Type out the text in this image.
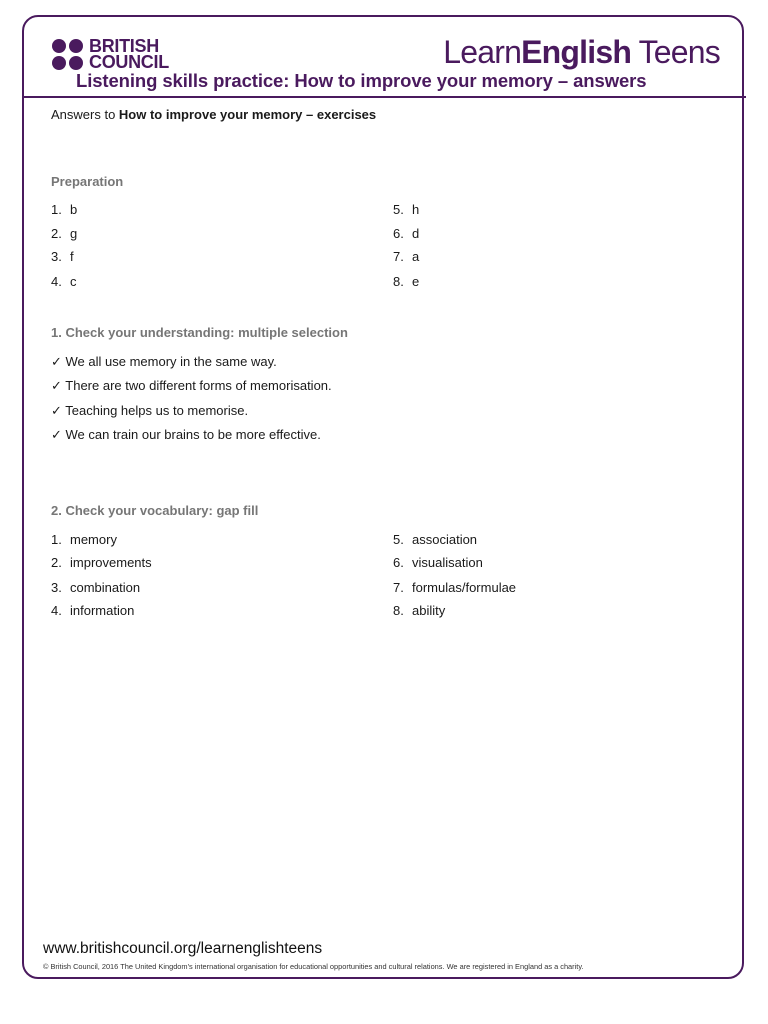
BRITISH
COUNCIL	LearnEnglish Teens
Listening skills practice: How to improve your memory – answers
Answers to How to improve your memory – exercises
Preparation
1. b
2. g
3. f
4. c
5. h
6. d
7. a
8. e
1. Check your understanding: multiple selection
✓ We all use memory in the same way.
✓ There are two different forms of memorisation.
✓ Teaching helps us to memorise.
✓ We can train our brains to be more effective.
2. Check your vocabulary: gap fill
1. memory
2. improvements
3. combination
4. information
5. association
6. visualisation
7. formulas/formulae
8. ability
www.britishcouncil.org/learnenglishteens
© British Council, 2016 The United Kingdom's international organisation for educational opportunities and cultural relations. We are registered in England as a charity.
